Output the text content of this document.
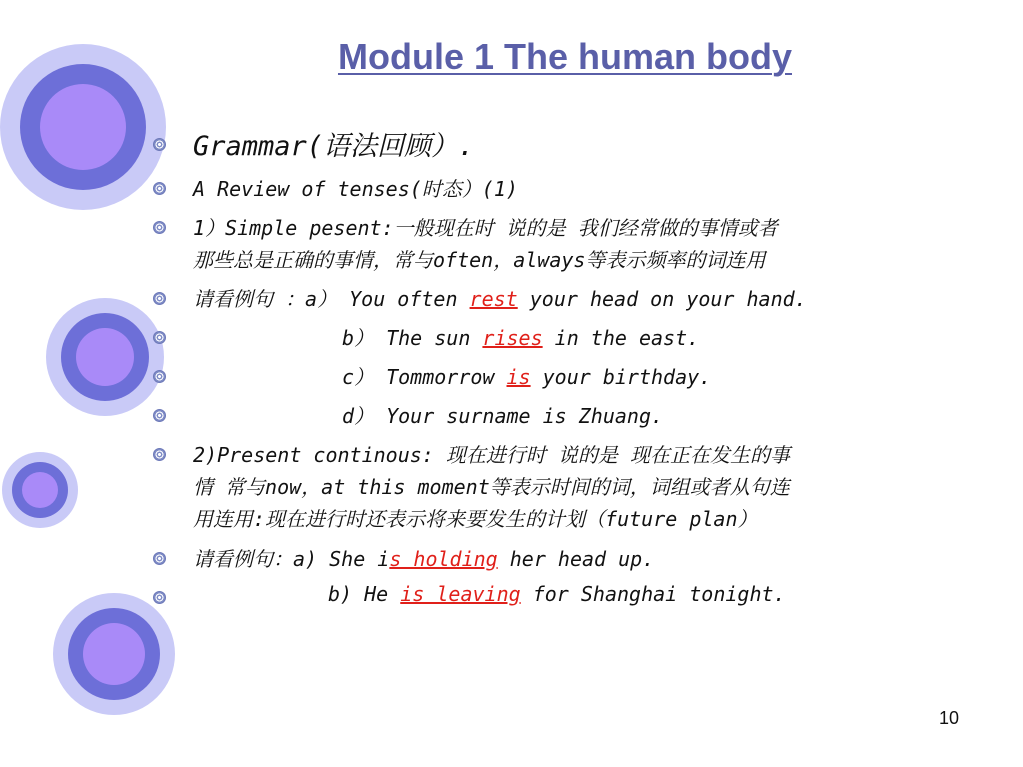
Module 1 The human body
Grammar(语法回顾）.
A Review of tenses(时态）(1)
1）Simple pesent:一般现在时 说的是 我们经常做的事情或者
那些总是正确的事情，常与often，always等表示频率的词连用
请看例句 ：a） You often rest your head on your hand.
b） The sun rises in the east.
c） Tommorrow is your birthday.
d） Your surname is Zhuang.
2)Present continous: 现在进行时 说的是 现在正在发生的事
情 常与now，at this moment等表示时间的词，词组或者从句连
用连用:现在进行时还表示将来要发生的计划（future plan）
请看例句：a) She is holding her head up.
b) He is leaving for Shanghai tonight.
10
